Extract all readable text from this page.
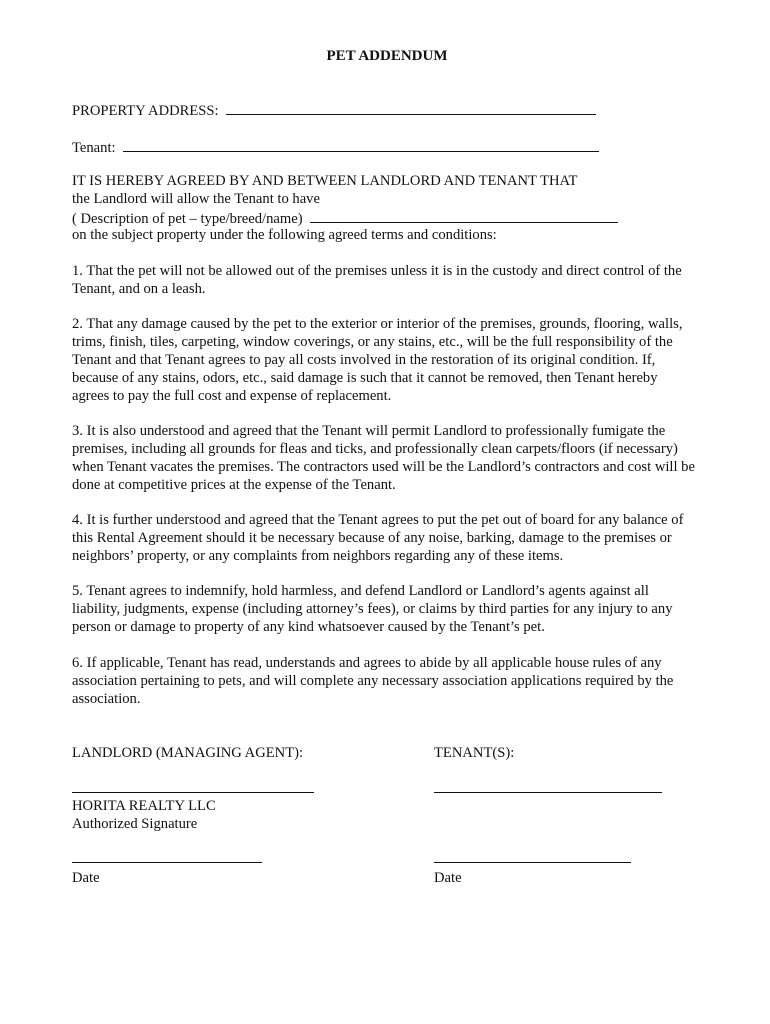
PET ADDENDUM
PROPERTY ADDRESS:
Tenant:
IT IS HEREBY AGREED BY AND BETWEEN LANDLORD AND TENANT THAT
the Landlord will allow the Tenant to have
( Description of pet – type/breed/name)
on the subject property under the following agreed terms and conditions:
1. That the pet will not be allowed out of the premises unless it is in the custody and direct control of the Tenant, and on a leash.
2. That any damage caused by the pet to the exterior or interior of the premises, grounds, flooring, walls, trims, finish, tiles, carpeting, window coverings, or any stains, etc., will be the full responsibility of the Tenant and that Tenant agrees to pay all costs involved in the restoration of its original condition. If, because of any stains, odors, etc., said damage is such that it cannot be removed, then Tenant hereby agrees to pay the full cost and expense of replacement.
3. It is also understood and agreed that the Tenant will permit Landlord to professionally fumigate the premises, including all grounds for fleas and ticks, and professionally clean carpets/floors (if necessary) when Tenant vacates the premises. The contractors used will be the Landlord’s contractors and cost will be done at competitive prices at the expense of the Tenant.
4. It is further understood and agreed that the Tenant agrees to put the pet out of board for any balance of this Rental Agreement should it be necessary because of any noise, barking, damage to the premises or neighbors’ property, or any complaints from neighbors regarding any of these items.
5. Tenant agrees to indemnify, hold harmless, and defend Landlord or Landlord’s agents against all liability, judgments, expense (including attorney’s fees), or claims by third parties for any injury to any person or damage to property of any kind whatsoever caused by the Tenant’s pet.
6. If applicable, Tenant has read, understands and agrees to abide by all applicable house rules of any association pertaining to pets, and will complete any necessary association applications required by the association.
LANDLORD (MANAGING AGENT):	TENANT(S):
HORITA REALTY LLC
Authorized Signature
Date	Date
